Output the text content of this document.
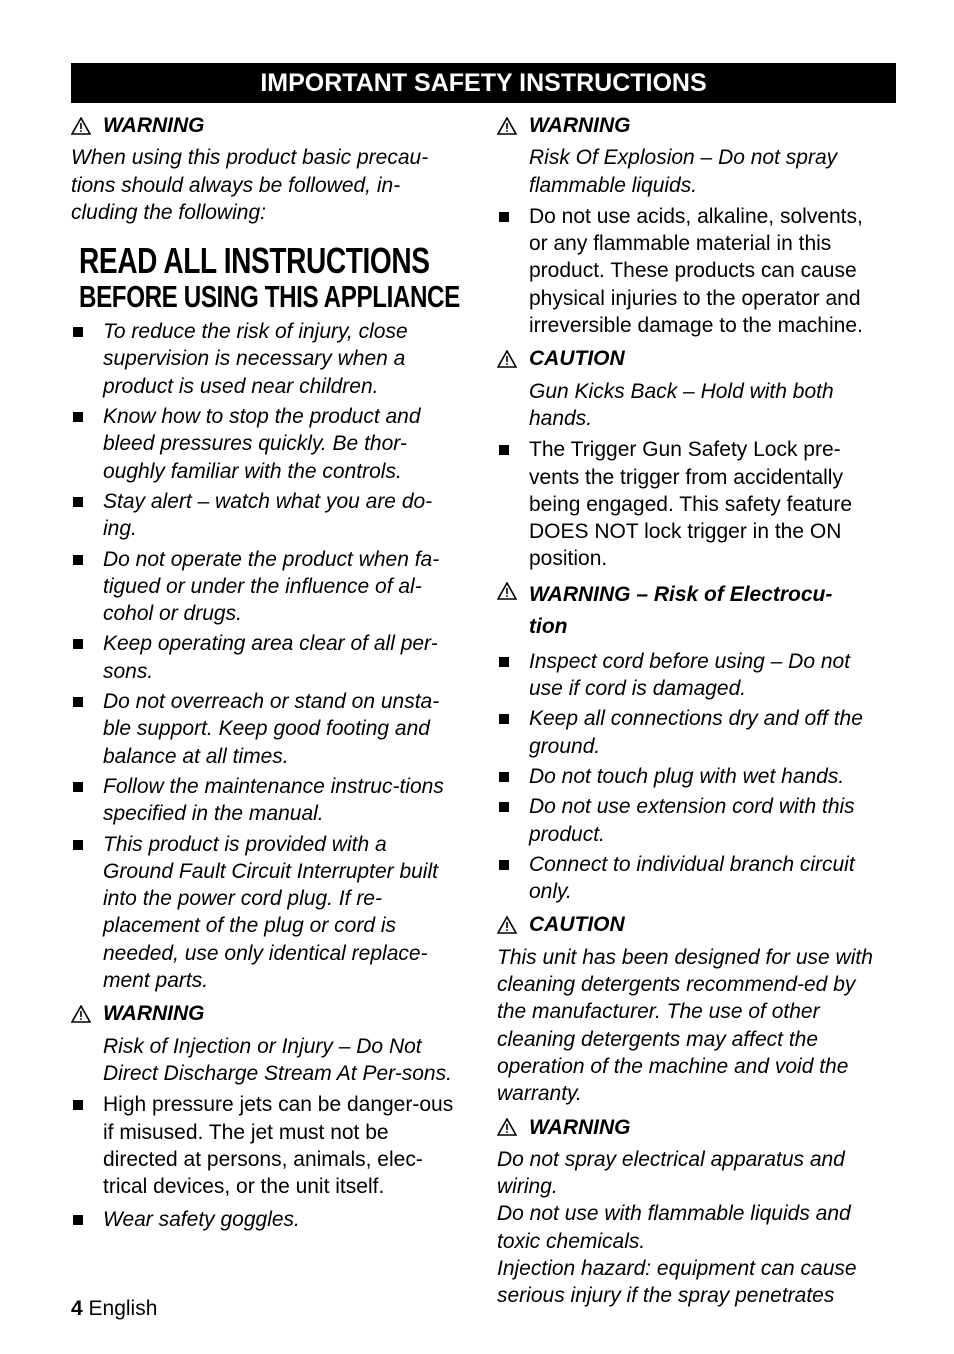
IMPORTANT SAFETY INSTRUCTIONS
WARNING

When using this product basic precau-tions should always be followed, in-cluding the following:

READ ALL INSTRUCTIONS
BEFORE USING THIS APPLIANCE
To reduce the risk of injury, close supervision is necessary when a product is used near children.
Know how to stop the product and bleed pressures quickly. Be thor-oughly familiar with the controls.
Stay alert – watch what you are do-ing.
Do not operate the product when fa-tigued or under the influence of al-cohol or drugs.
Keep operating area clear of all per-sons.
Do not overreach or stand on unsta-ble support. Keep good footing and balance at all times.
Follow the maintenance instruc-tions specified in the manual.
This product is provided with a Ground Fault Circuit Interrupter built into the power cord plug. If re-placement of the plug or cord is needed, use only identical replace-ment parts.
WARNING

Risk of Injection or Injury – Do Not Direct Discharge Stream At Per-sons.

High pressure jets can be danger-ous if misused. The jet must not be directed at persons, animals, elec-trical devices, or the unit itself.
Wear safety goggles.
WARNING

Risk Of Explosion – Do not spray flammable liquids.

Do not use acids, alkaline, solvents, or any flammable material in this product. These products can cause physical injuries to the operator and irreversible damage to the machine.
CAUTION

Gun Kicks Back – Hold with both hands.

The Trigger Gun Safety Lock pre-vents the trigger from accidentally being engaged. This safety feature DOES NOT lock trigger in the ON position.
WARNING – Risk of Electrocu-tion
Inspect cord before using – Do not use if cord is damaged.
Keep all connections dry and off the ground.
Do not touch plug with wet hands.
Do not use extension cord with this product.
Connect to individual branch circuit only.
CAUTION

This unit has been designed for use with cleaning detergents recommend-ed by the manufacturer. The use of other cleaning detergents may affect the operation of the machine and void the warranty.

WARNING

Do not spray electrical apparatus and wiring.

Do not use with flammable liquids and toxic chemicals.

Injection hazard: equipment can cause serious injury if the spray penetrates

4 English
